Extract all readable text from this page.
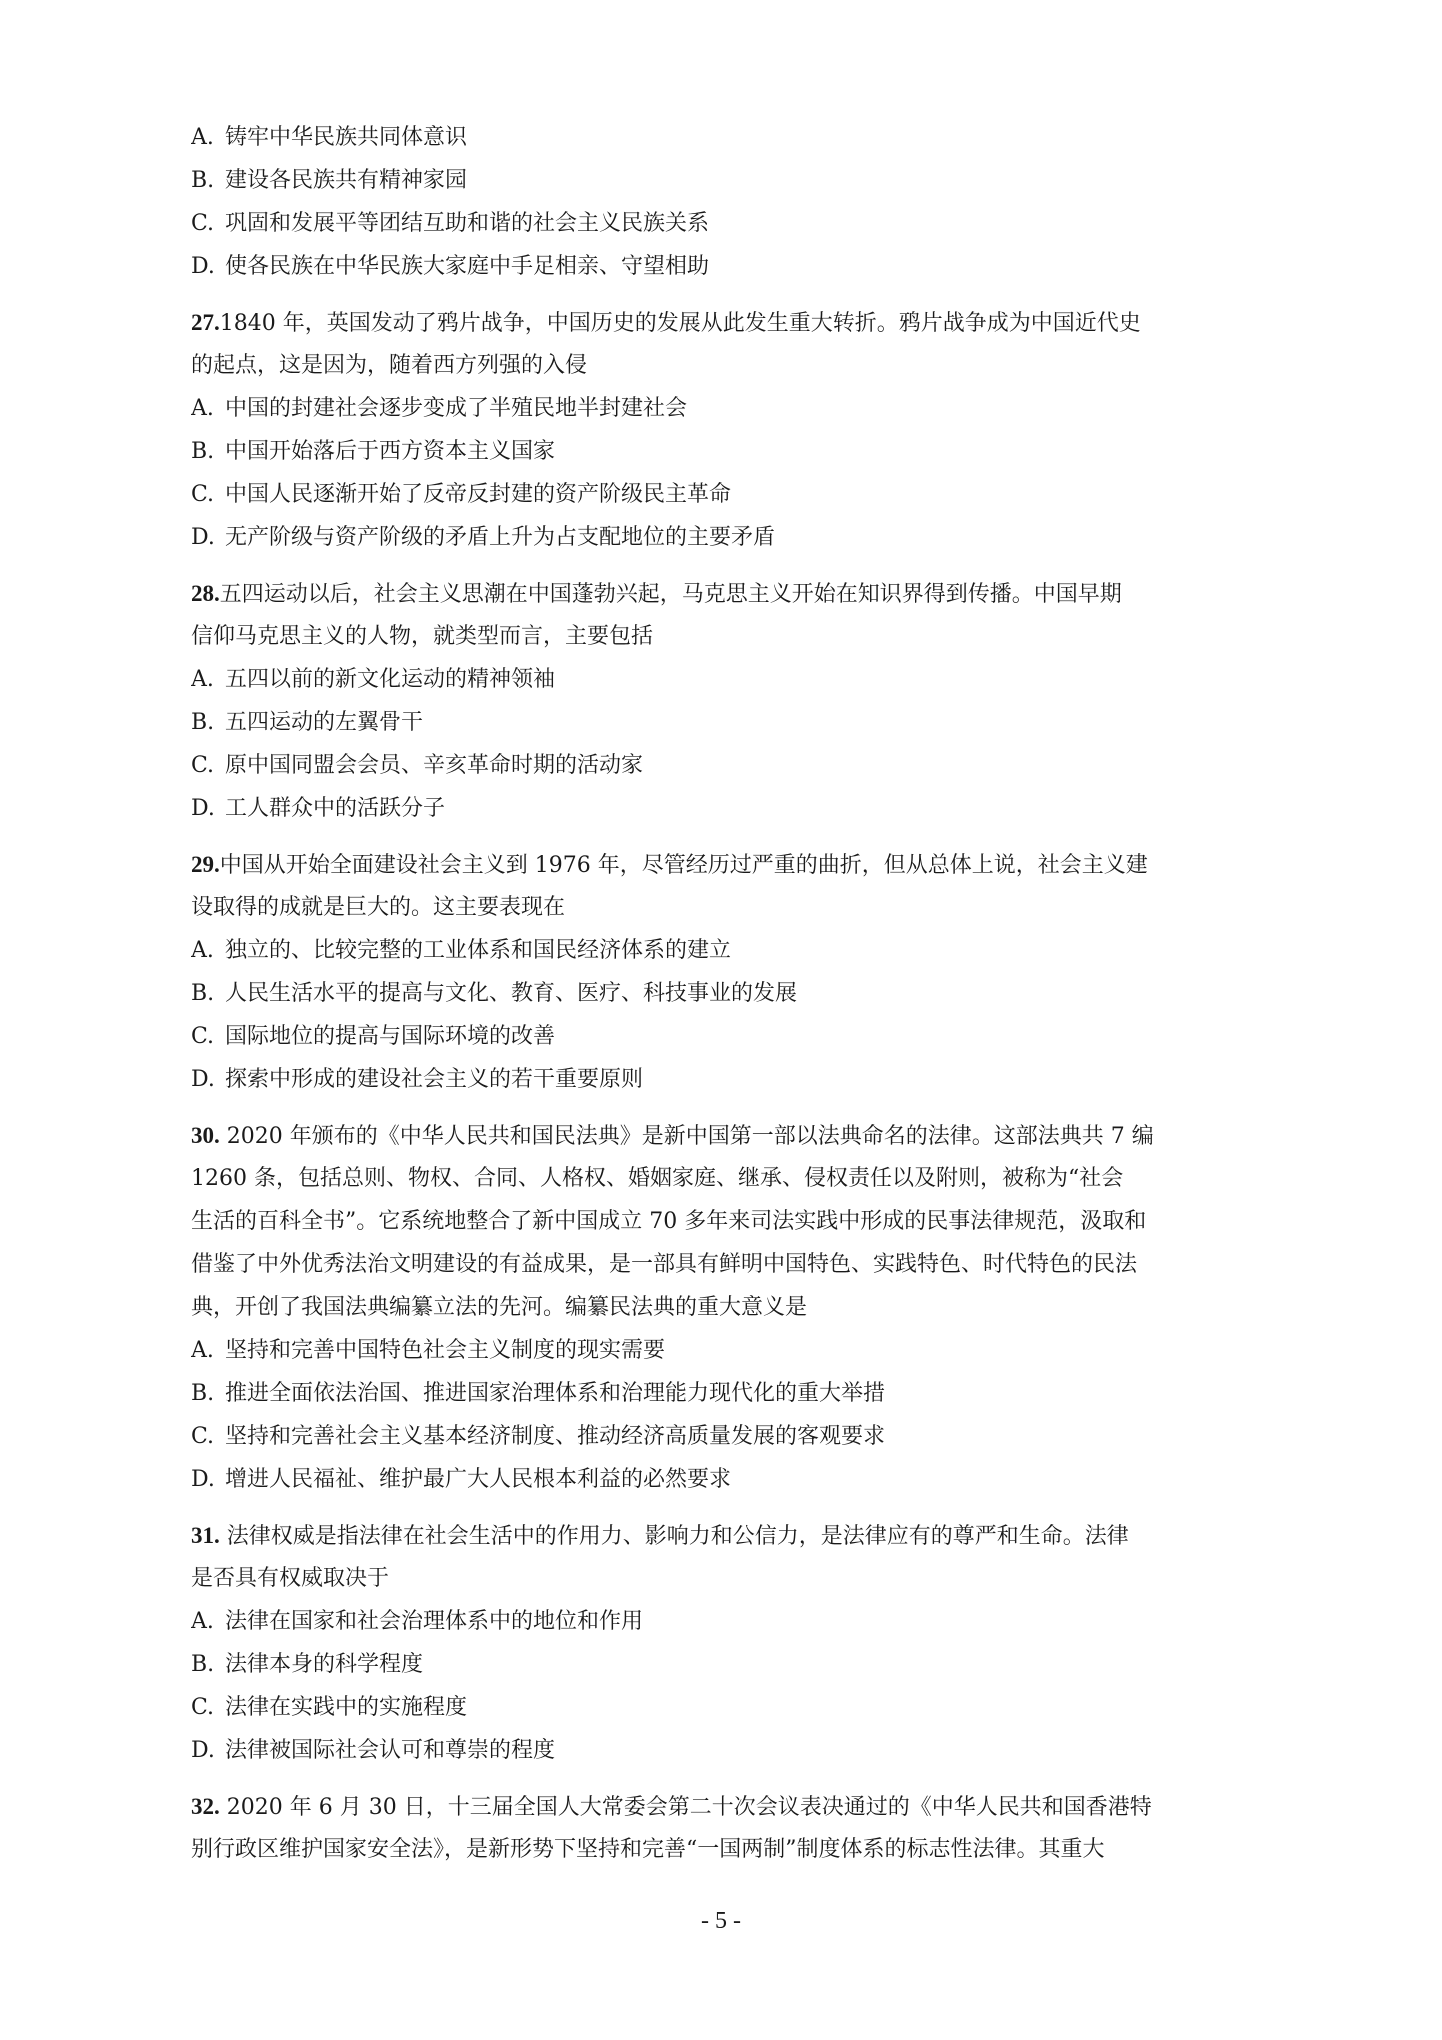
A. 铸牢中华民族共同体意识
B. 建设各民族共有精神家园
C. 巩固和发展平等团结互助和谐的社会主义民族关系
D. 使各民族在中华民族大家庭中手足相亲、守望相助
27.1840 年，英国发动了鸦片战争，中国历史的发展从此发生重大转折。鸦片战争成为中国近代史
的起点，这是因为，随着西方列强的入侵
A. 中国的封建社会逐步变成了半殖民地半封建社会
B. 中国开始落后于西方资本主义国家
C. 中国人民逐渐开始了反帝反封建的资产阶级民主革命
D. 无产阶级与资产阶级的矛盾上升为占支配地位的主要矛盾
28.五四运动以后，社会主义思潮在中国蓬勃兴起，马克思主义开始在知识界得到传播。中国早期
信仰马克思主义的人物，就类型而言，主要包括
A. 五四以前的新文化运动的精神领袖
B. 五四运动的左翼骨干
C. 原中国同盟会会员、辛亥革命时期的活动家
D. 工人群众中的活跃分子
29.中国从开始全面建设社会主义到 1976 年，尽管经历过严重的曲折，但从总体上说，社会主义建
设取得的成就是巨大的。这主要表现在
A. 独立的、比较完整的工业体系和国民经济体系的建立
B. 人民生活水平的提高与文化、教育、医疗、科技事业的发展
C. 国际地位的提高与国际环境的改善
D. 探索中形成的建设社会主义的若干重要原则
30. 2020 年颁布的《中华人民共和国民法典》是新中国第一部以法典命名的法律。这部法典共 7 编
1260 条，包括总则、物权、合同、人格权、婚姻家庭、继承、侵权责任以及附则，被称为“社会
生活的百科全书”。它系统地整合了新中国成立 70 多年来司法实践中形成的民事法律规范，汲取和
借鉴了中外优秀法治文明建设的有益成果，是一部具有鲜明中国特色、实践特色、时代特色的民法
典，开创了我国法典编纂立法的先河。编纂民法典的重大意义是
A. 坚持和完善中国特色社会主义制度的现实需要
B. 推进全面依法治国、推进国家治理体系和治理能力现代化的重大举措
C. 坚持和完善社会主义基本经济制度、推动经济高质量发展的客观要求
D. 增进人民福祉、维护最广大人民根本利益的必然要求
31. 法律权威是指法律在社会生活中的作用力、影响力和公信力，是法律应有的尊严和生命。法律
是否具有权威取决于
A. 法律在国家和社会治理体系中的地位和作用
B. 法律本身的科学程度
C. 法律在实践中的实施程度
D. 法律被国际社会认可和尊崇的程度
32. 2020 年 6 月 30 日，十三届全国人大常委会第二十次会议表决通过的《中华人民共和国香港特
别行政区维护国家安全法》，是新形势下坚持和完善“一国两制”制度体系的标志性法律。其重大
- 5 -
